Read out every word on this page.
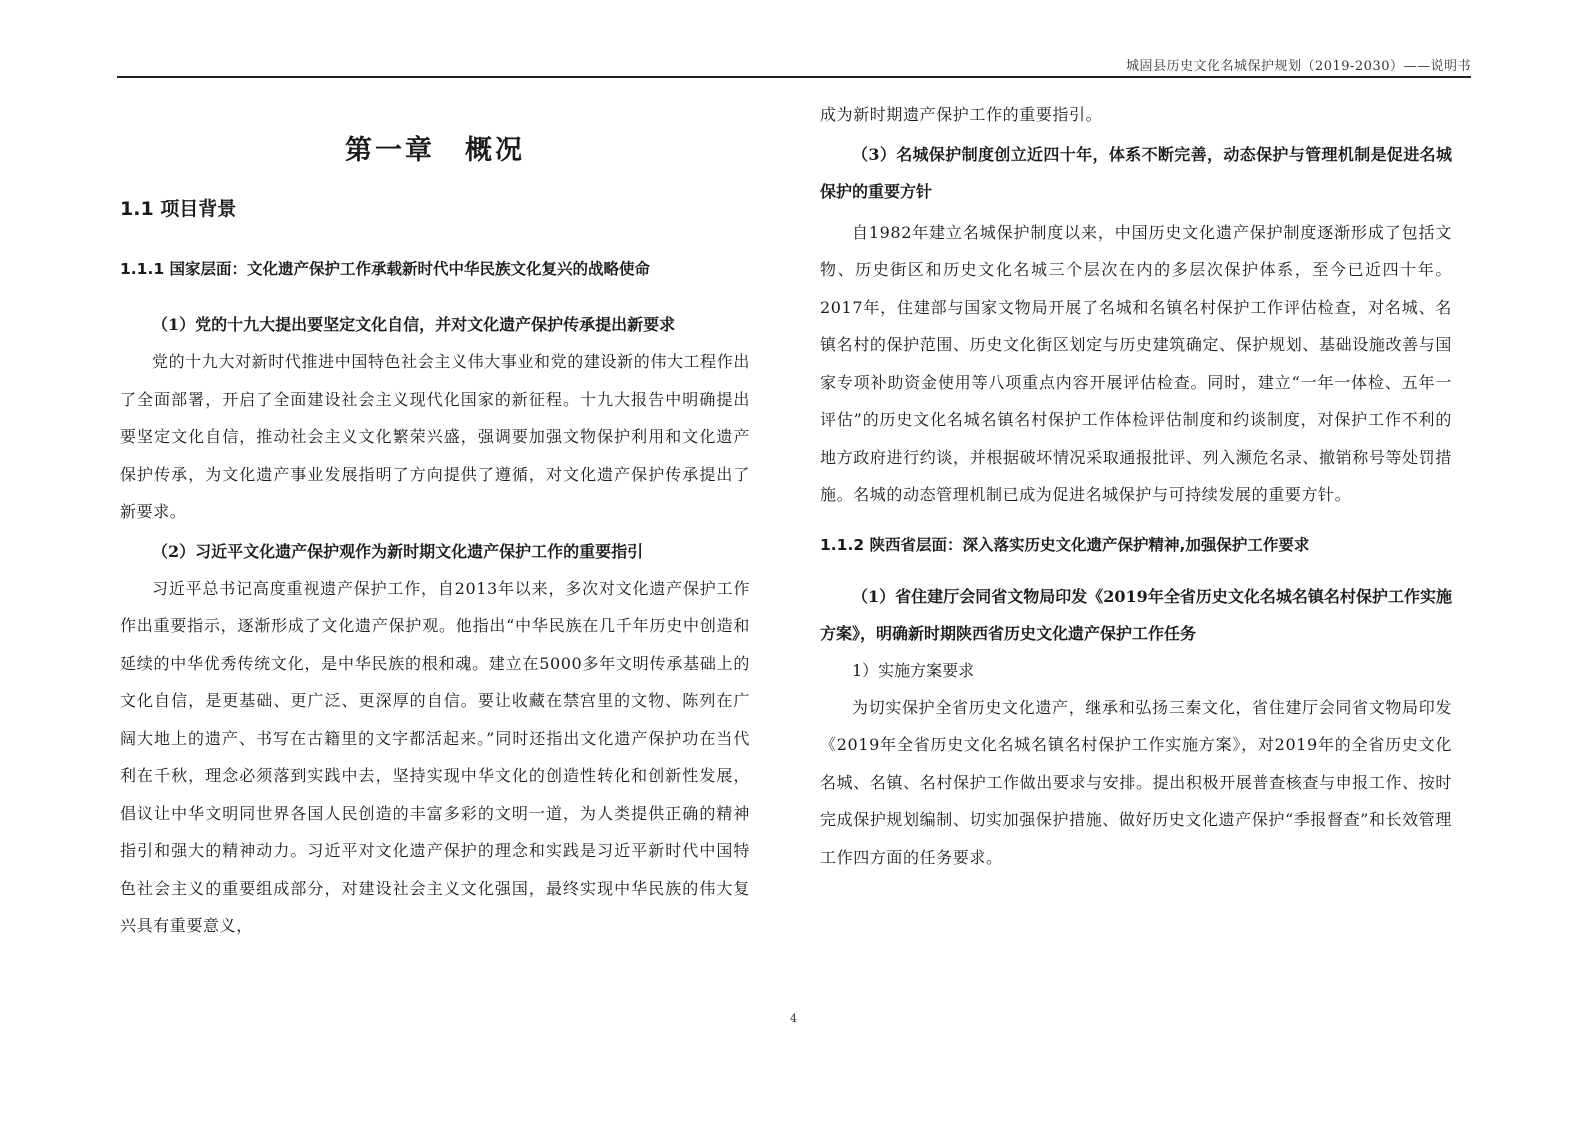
城固县历史文化名城保护规划（2019-2030）——说明书
第一章　概况
1.1 项目背景
1.1.1 国家层面：文化遗产保护工作承载新时代中华民族文化复兴的战略使命
（1）党的十九大提出要坚定文化自信，并对文化遗产保护传承提出新要求

党的十九大对新时代推进中国特色社会主义伟大事业和党的建设新的伟大工程作出了全面部署，开启了全面建设社会主义现代化国家的新征程。十九大报告中明确提出要坚定文化自信，推动社会主义文化繁荣兴盛，强调要加强文物保护利用和文化遗产保护传承，为文化遗产事业发展指明了方向提供了遵循，对文化遗产保护传承提出了新要求。

（2）习近平文化遗产保护观作为新时期文化遗产保护工作的重要指引

习近平总书记高度重视遗产保护工作，自2013年以来，多次对文化遗产保护工作作出重要指示，逐渐形成了文化遗产保护观。他指出“中华民族在几千年历史中创造和延续的中华优秀传统文化，是中华民族的根和魂。建立在5000多年文明传承基础上的文化自信，是更基础、更广泛、更深厚的自信。要让收藏在禁宫里的文物、陈列在广阔大地上的遗产、书写在古籍里的文字都活起来。”同时还指出文化遗产保护功在当代利在千秋，理念必须落到实践中去，坚持实现中华文化的创造性转化和创新性发展，倡议让中华文明同世界各国人民创造的丰富多彩的文明一道，为人类提供正确的精神指引和强大的精神动力。习近平对文化遗产保护的理念和实践是习近平新时代中国特色社会主义的重要组成部分，对建设社会主义文化强国，最终实现中华民族的伟大复兴具有重要意义，

成为新时期遗产保护工作的重要指引。

（3）名城保护制度创立近四十年，体系不断完善，动态保护与管理机制是促进名城保护的重要方针

自1982年建立名城保护制度以来，中国历史文化遗产保护制度逐渐形成了包括文物、历史街区和历史文化名城三个层次在内的多层次保护体系，至今已近四十年。2017年，住建部与国家文物局开展了名城和名镇名村保护工作评估检查，对名城、名镇名村的保护范围、历史文化街区划定与历史建筑确定、保护规划、基础设施改善与国家专项补助资金使用等八项重点内容开展评估检查。同时，建立“一年一体检、五年一评估”的历史文化名城名镇名村保护工作体检评估制度和约谈制度，对保护工作不利的地方政府进行约谈，并根据破坏情况采取通报批评、列入濒危名录、撤销称号等处罚措施。名城的动态管理机制已成为促进名城保护与可持续发展的重要方针。

1.1.2 陕西省层面：深入落实历史文化遗产保护精神,加强保护工作要求
（1）省住建厅会同省文物局印发《2019年全省历史文化名城名镇名村保护工作实施方案》，明确新时期陕西省历史文化遗产保护工作任务

1）实施方案要求

为切实保护全省历史文化遗产，继承和弘扬三秦文化，省住建厅会同省文物局印发《2019年全省历史文化名城名镇名村保护工作实施方案》，对2019年的全省历史文化名城、名镇、名村保护工作做出要求与安排。提出积极开展普查核查与申报工作、按时完成保护规划编制、切实加强保护措施、做好历史文化遗产保护“季报督查”和长效管理工作四方面的任务要求。

4
